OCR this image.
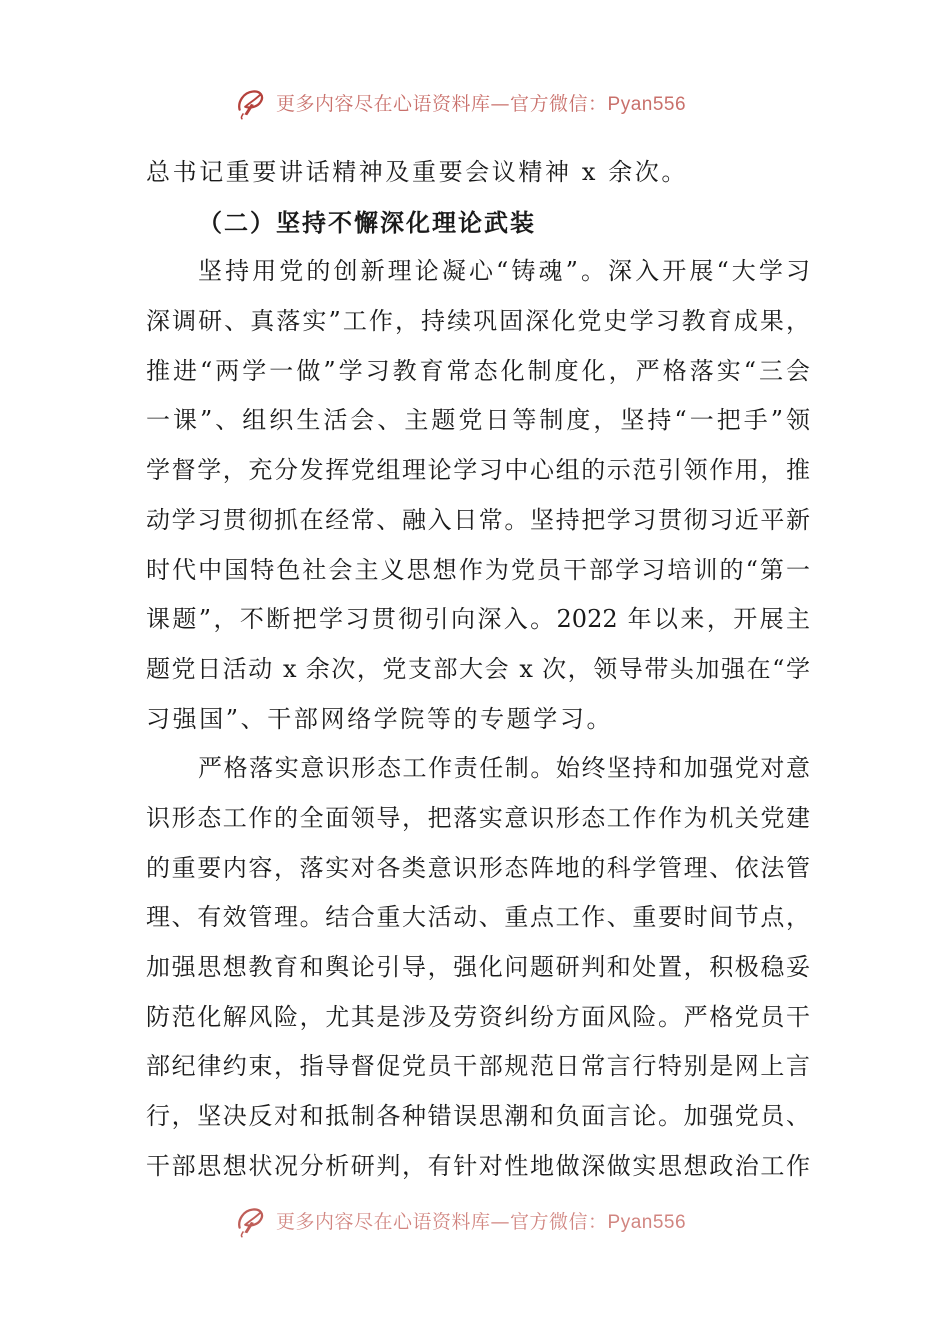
更多内容尽在心语资料库—官方微信：Pyan556
总书记重要讲话精神及重要会议精神 x 余次。
（二）坚持不懈深化理论武装
坚持用党的创新理论凝心“铸魂”。深入开展“大学习
深调研、真落实”工作，持续巩固深化党史学习教育成果，
推进“两学一做”学习教育常态化制度化，严格落实“三会
一课”、组织生活会、主题党日等制度，坚持“一把手”领
学督学，充分发挥党组理论学习中心组的示范引领作用，推
动学习贯彻抓在经常、融入日常。坚持把学习贯彻习近平新
时代中国特色社会主义思想作为党员干部学习培训的“第一
课题”，不断把学习贯彻引向深入。2022 年以来，开展主
题党日活动 x 余次，党支部大会 x 次，领导带头加强在“学
习强国”、干部网络学院等的专题学习。
严格落实意识形态工作责任制。始终坚持和加强党对意
识形态工作的全面领导，把落实意识形态工作作为机关党建
的重要内容，落实对各类意识形态阵地的科学管理、依法管
理、有效管理。结合重大活动、重点工作、重要时间节点，
加强思想教育和舆论引导，强化问题研判和处置，积极稳妥
防范化解风险，尤其是涉及劳资纠纷方面风险。严格党员干
部纪律约束，指导督促党员干部规范日常言行特别是网上言
行，坚决反对和抵制各种错误思潮和负面言论。加强党员、
干部思想状况分析研判，有针对性地做深做实思想政治工作
更多内容尽在心语资料库—官方微信：Pyan556
